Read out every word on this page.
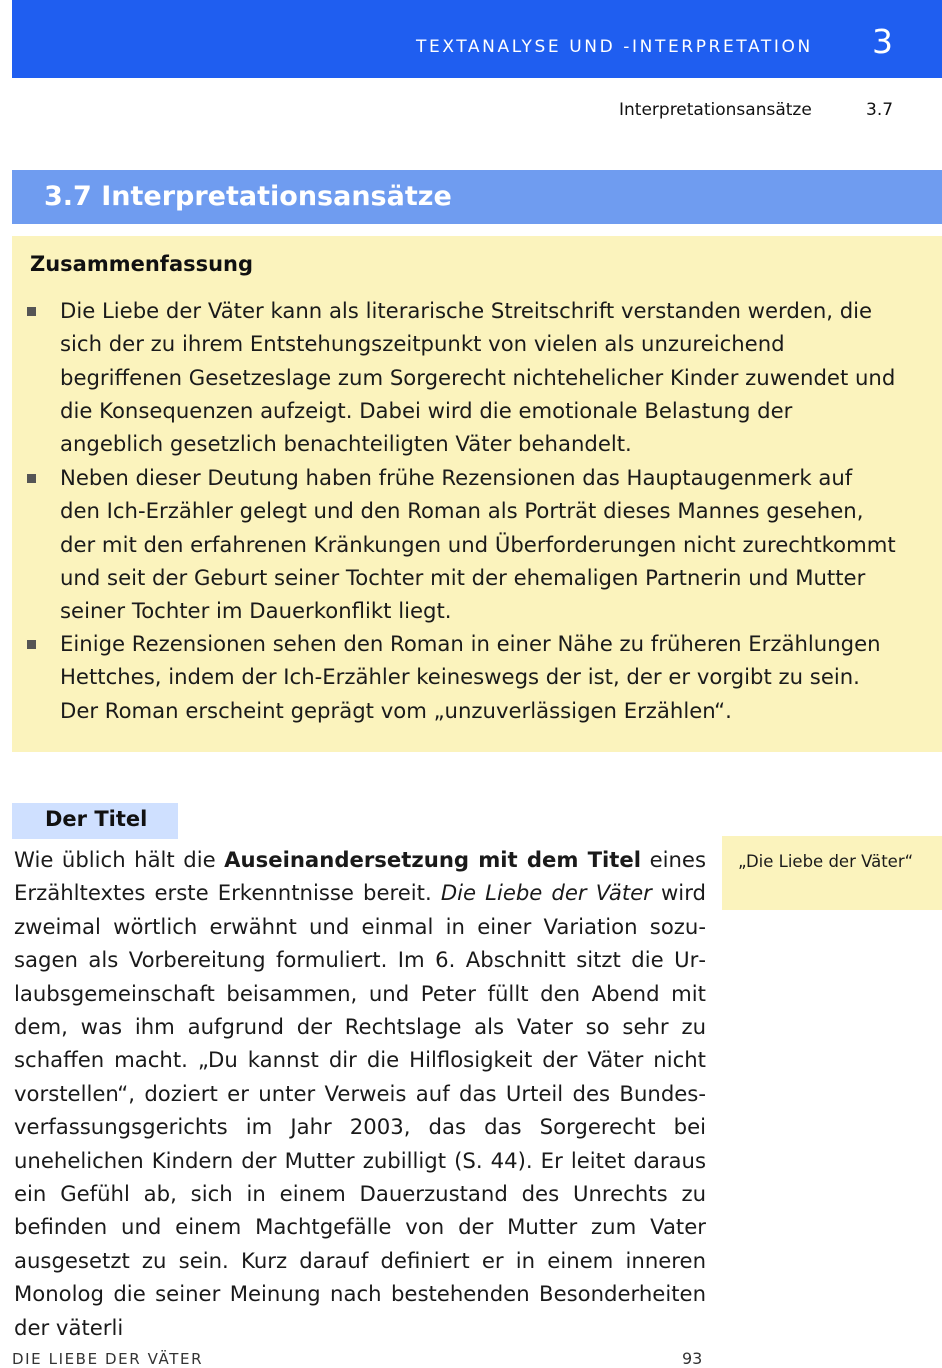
TEXTANALYSE UND -INTERPRETATION 3
Interpretationsansätze	3.7
3.7 Interpretationsansätze
Zusammenfassung
Die Liebe der Väter kann als literarische Streitschrift verstanden werden, die sich der zu ihrem Entstehungszeitpunkt von vielen als unzureichend begriffenen Gesetzeslage zum Sorgerecht nichtehelicher Kinder zuwendet und die Konsequenzen aufzeigt. Dabei wird die emotionale Belastung der angeblich gesetzlich benachteiligten Väter behandelt.
Neben dieser Deutung haben frühe Rezensionen das Hauptaugenmerk auf den Ich-Erzähler gelegt und den Roman als Porträt dieses Mannes gesehen, der mit den erfahrenen Kränkungen und Überforderungen nicht zurechtkommt und seit der Geburt seiner Tochter mit der ehemaligen Partnerin und Mutter seiner Tochter im Dauerkonflikt liegt.
Einige Rezensionen sehen den Roman in einer Nähe zu früheren Erzählungen Hettches, indem der Ich-Erzähler keineswegs der ist, der er vorgibt zu sein. Der Roman erscheint geprägt vom „unzuverlässigen Erzählen“.
Der Titel

Wie üblich hält die Auseinandersetzung mit dem Titel eines Erzähltextes erste Erkenntnisse bereit. Die Liebe der Väter wird zweimal wörtlich erwähnt und einmal in einer Variation sozusagen als Vorbereitung formuliert. Im 6. Abschnitt sitzt die Urlaubsgemeinschaft beisammen, und Peter füllt den Abend mit dem, was ihm aufgrund der Rechtslage als Vater so sehr zu schaffen macht. „Du kannst dir die Hilflosigkeit der Väter nicht vorstellen“, doziert er unter Verweis auf das Urteil des Bundesverfassungsgerichts im Jahr 2003, das das Sorgerecht bei unehelichen Kindern der Mutter zubilligt (S. 44). Er leitet daraus ein Gefühl ab, sich in einem Dauerzustand des Unrechts zu befinden und einem Machtgefälle von der Mutter zum Vater ausgesetzt zu sein. Kurz darauf definiert er in einem inneren Monolog die seiner Meinung nach bestehenden Besonderheiten der väterli

„Die Liebe der Väter“
DIE LIEBE DER VÄTER	93
